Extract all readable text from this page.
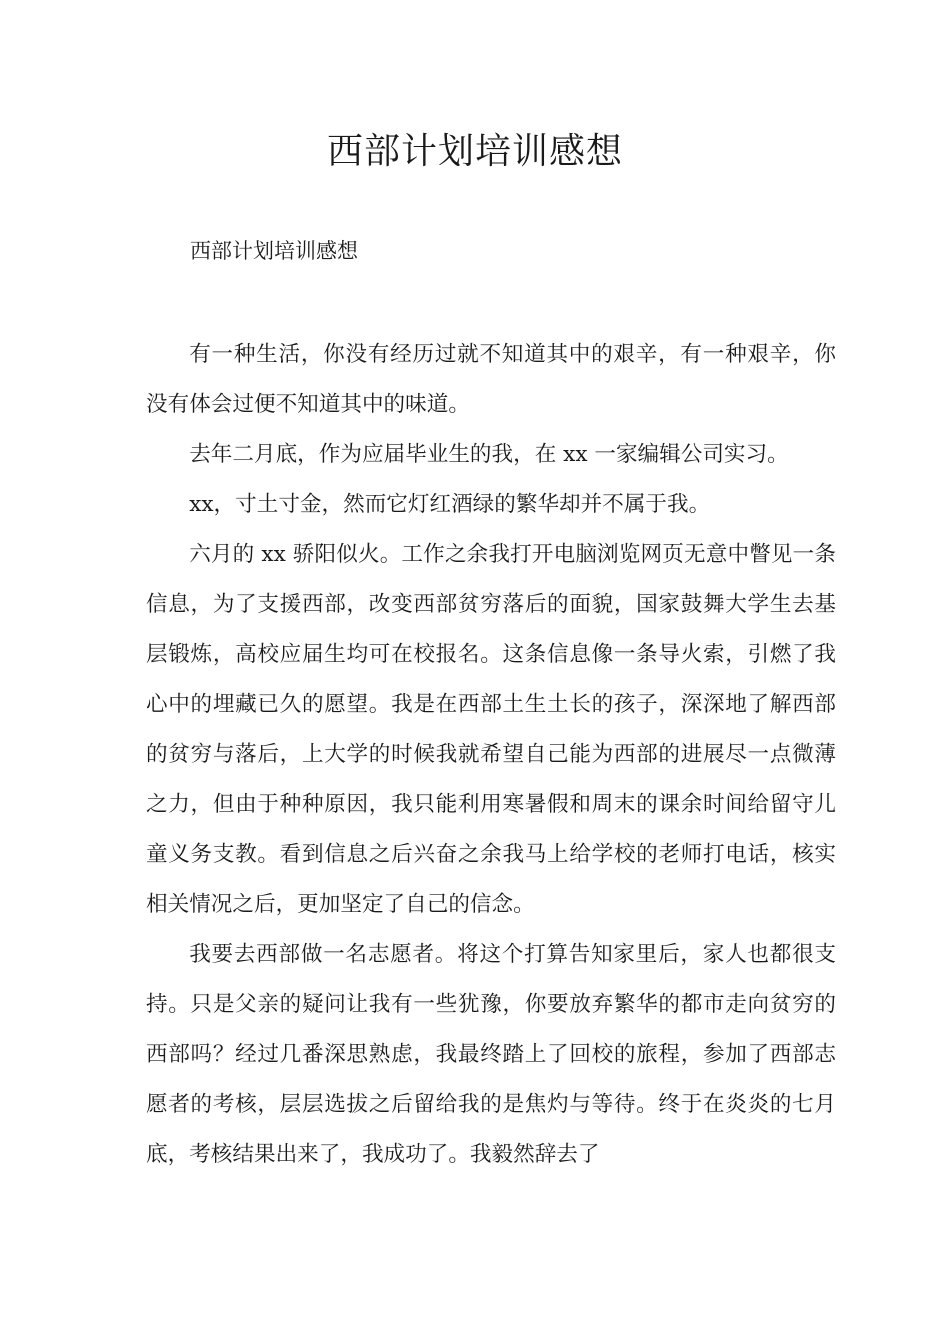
西部计划培训感想

西部计划培训感想

有一种生活，你没有经历过就不知道其中的艰辛，有一种艰辛，你没有体会过便不知道其中的味道。

去年二月底，作为应届毕业生的我，在 xx 一家编辑公司实习。

xx，寸土寸金，然而它灯红酒绿的繁华却并不属于我。

六月的 xx 骄阳似火。工作之余我打开电脑浏览网页无意中瞥见一条信息，为了支援西部，改变西部贫穷落后的面貌，国家鼓舞大学生去基层锻炼，高校应届生均可在校报名。这条信息像一条导火索，引燃了我心中的埋藏已久的愿望。我是在西部土生土长的孩子，深深地了解西部的贫穷与落后，上大学的时候我就希望自己能为西部的进展尽一点微薄之力，但由于种种原因，我只能利用寒暑假和周末的课余时间给留守儿童义务支教。看到信息之后兴奋之余我马上给学校的老师打电话，核实相关情况之后，更加坚定了自己的信念。

我要去西部做一名志愿者。将这个打算告知家里后，家人也都很支持。只是父亲的疑问让我有一些犹豫，你要放弃繁华的都市走向贫穷的西部吗？经过几番深思熟虑，我最终踏上了回校的旅程，参加了西部志愿者的考核，层层选拔之后留给我的是焦灼与等待。终于在炎炎的七月底，考核结果出来了，我成功了。我毅然辞去了
